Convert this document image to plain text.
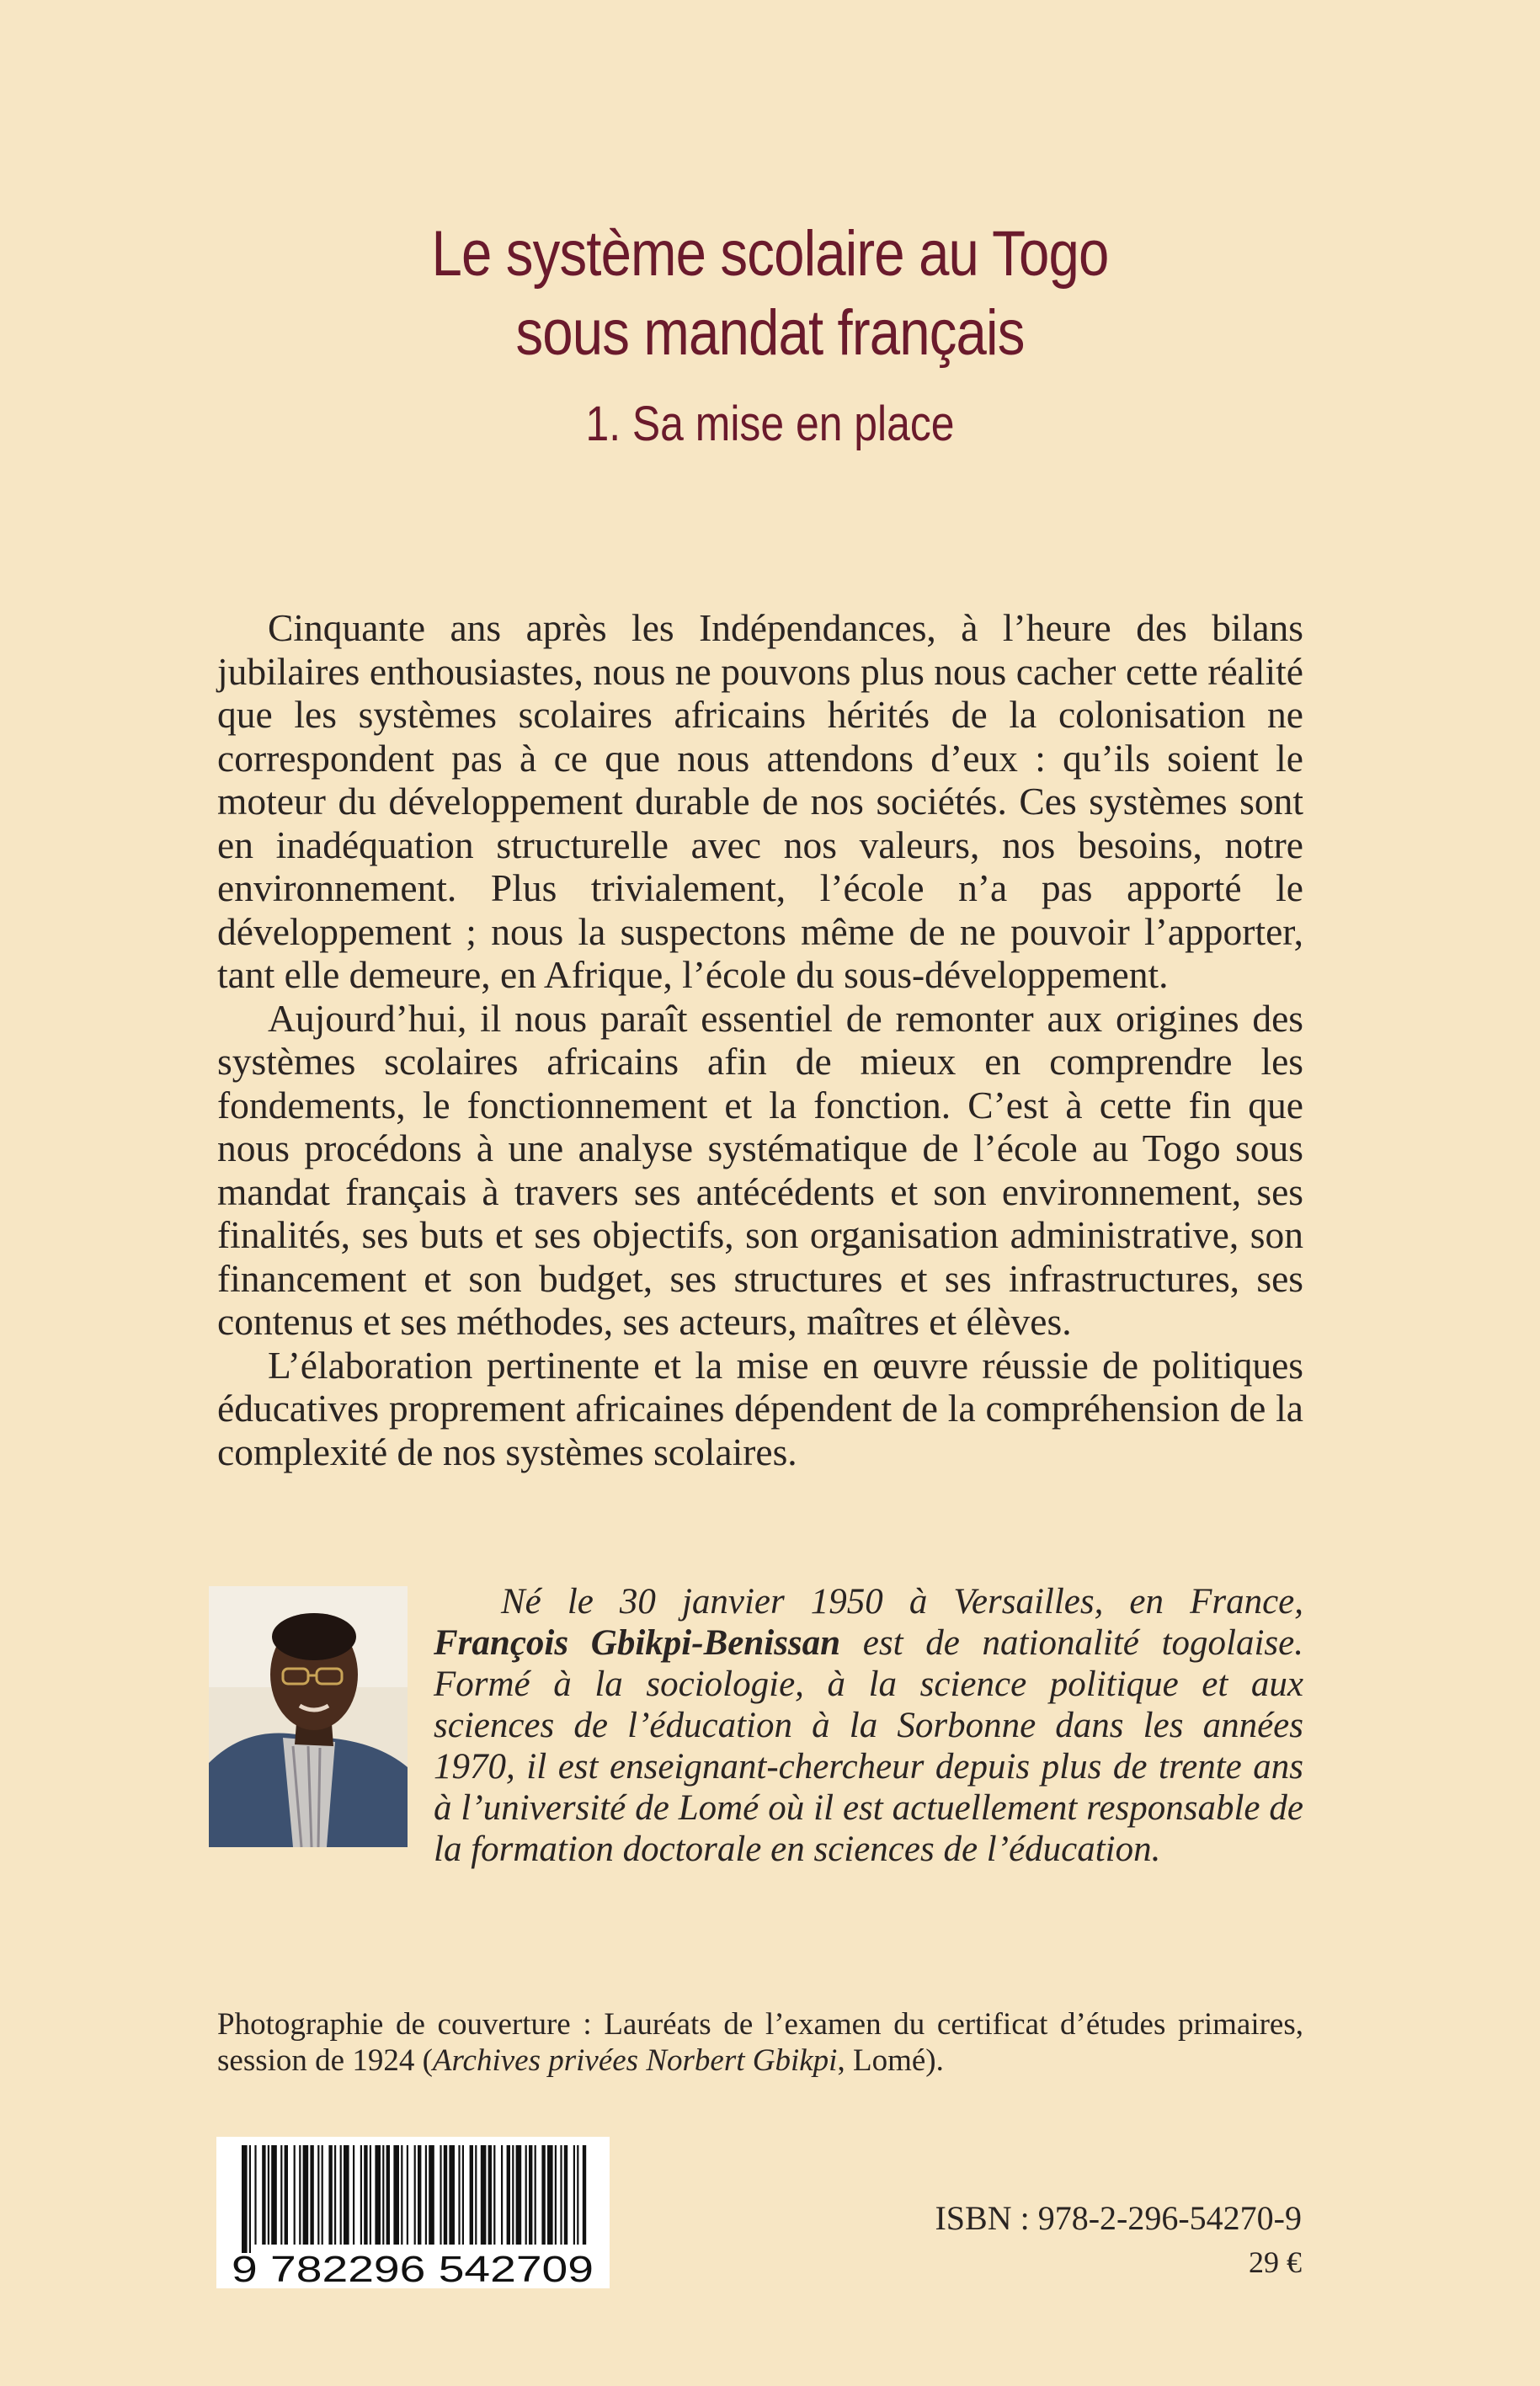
Le système scolaire au Togo
sous mandat français
1. Sa mise en place

Cinquante ans après les Indépendances, à l’heure des bilans jubilaires enthousiastes, nous ne pouvons plus nous cacher cette réalité que les systèmes scolaires africains hérités de la colonisation ne correspondent pas à ce que nous attendons d’eux : qu’ils soient le moteur du développement durable de nos sociétés. Ces systèmes sont en inadéquation structurelle avec nos valeurs, nos besoins, notre environnement. Plus trivialement, l’école n’a pas apporté le développement ; nous la suspectons même de ne pouvoir l’apporter, tant elle demeure, en Afrique, l’école du sous-développement.

Aujourd’hui, il nous paraît essentiel de remonter aux origines des systèmes scolaires africains afin de mieux en comprendre les fondements, le fonctionnement et la fonction. C’est à cette fin que nous procédons à une analyse systématique de l’école au Togo sous mandat français à travers ses antécédents et son environnement, ses finalités, ses buts et ses objectifs, son organisation administrative, son financement et son budget, ses structures et ses infrastructures, ses contenus et ses méthodes, ses acteurs, maîtres et élèves.

L’élaboration pertinente et la mise en œuvre réussie de politiques éducatives proprement africaines dépendent de la compréhension de la complexité de nos systèmes scolaires.

Né le 30 janvier 1950 à Versailles, en France, François Gbikpi-Benissan est de nationalité togolaise. Formé à la sociologie, à la science politique et aux sciences de l’éducation à la Sorbonne dans les années 1970, il est enseignant-chercheur depuis plus de trente ans à l’université de Lomé où il est actuellement responsable de la formation doctorale en sciences de l’éducation.

Photographie de couverture : Lauréats de l’examen du certificat d’études primaires, session de 1924 (Archives privées Norbert Gbikpi, Lomé).
9 782296 542709
ISBN : 978-2-296-54270-9
29 €
